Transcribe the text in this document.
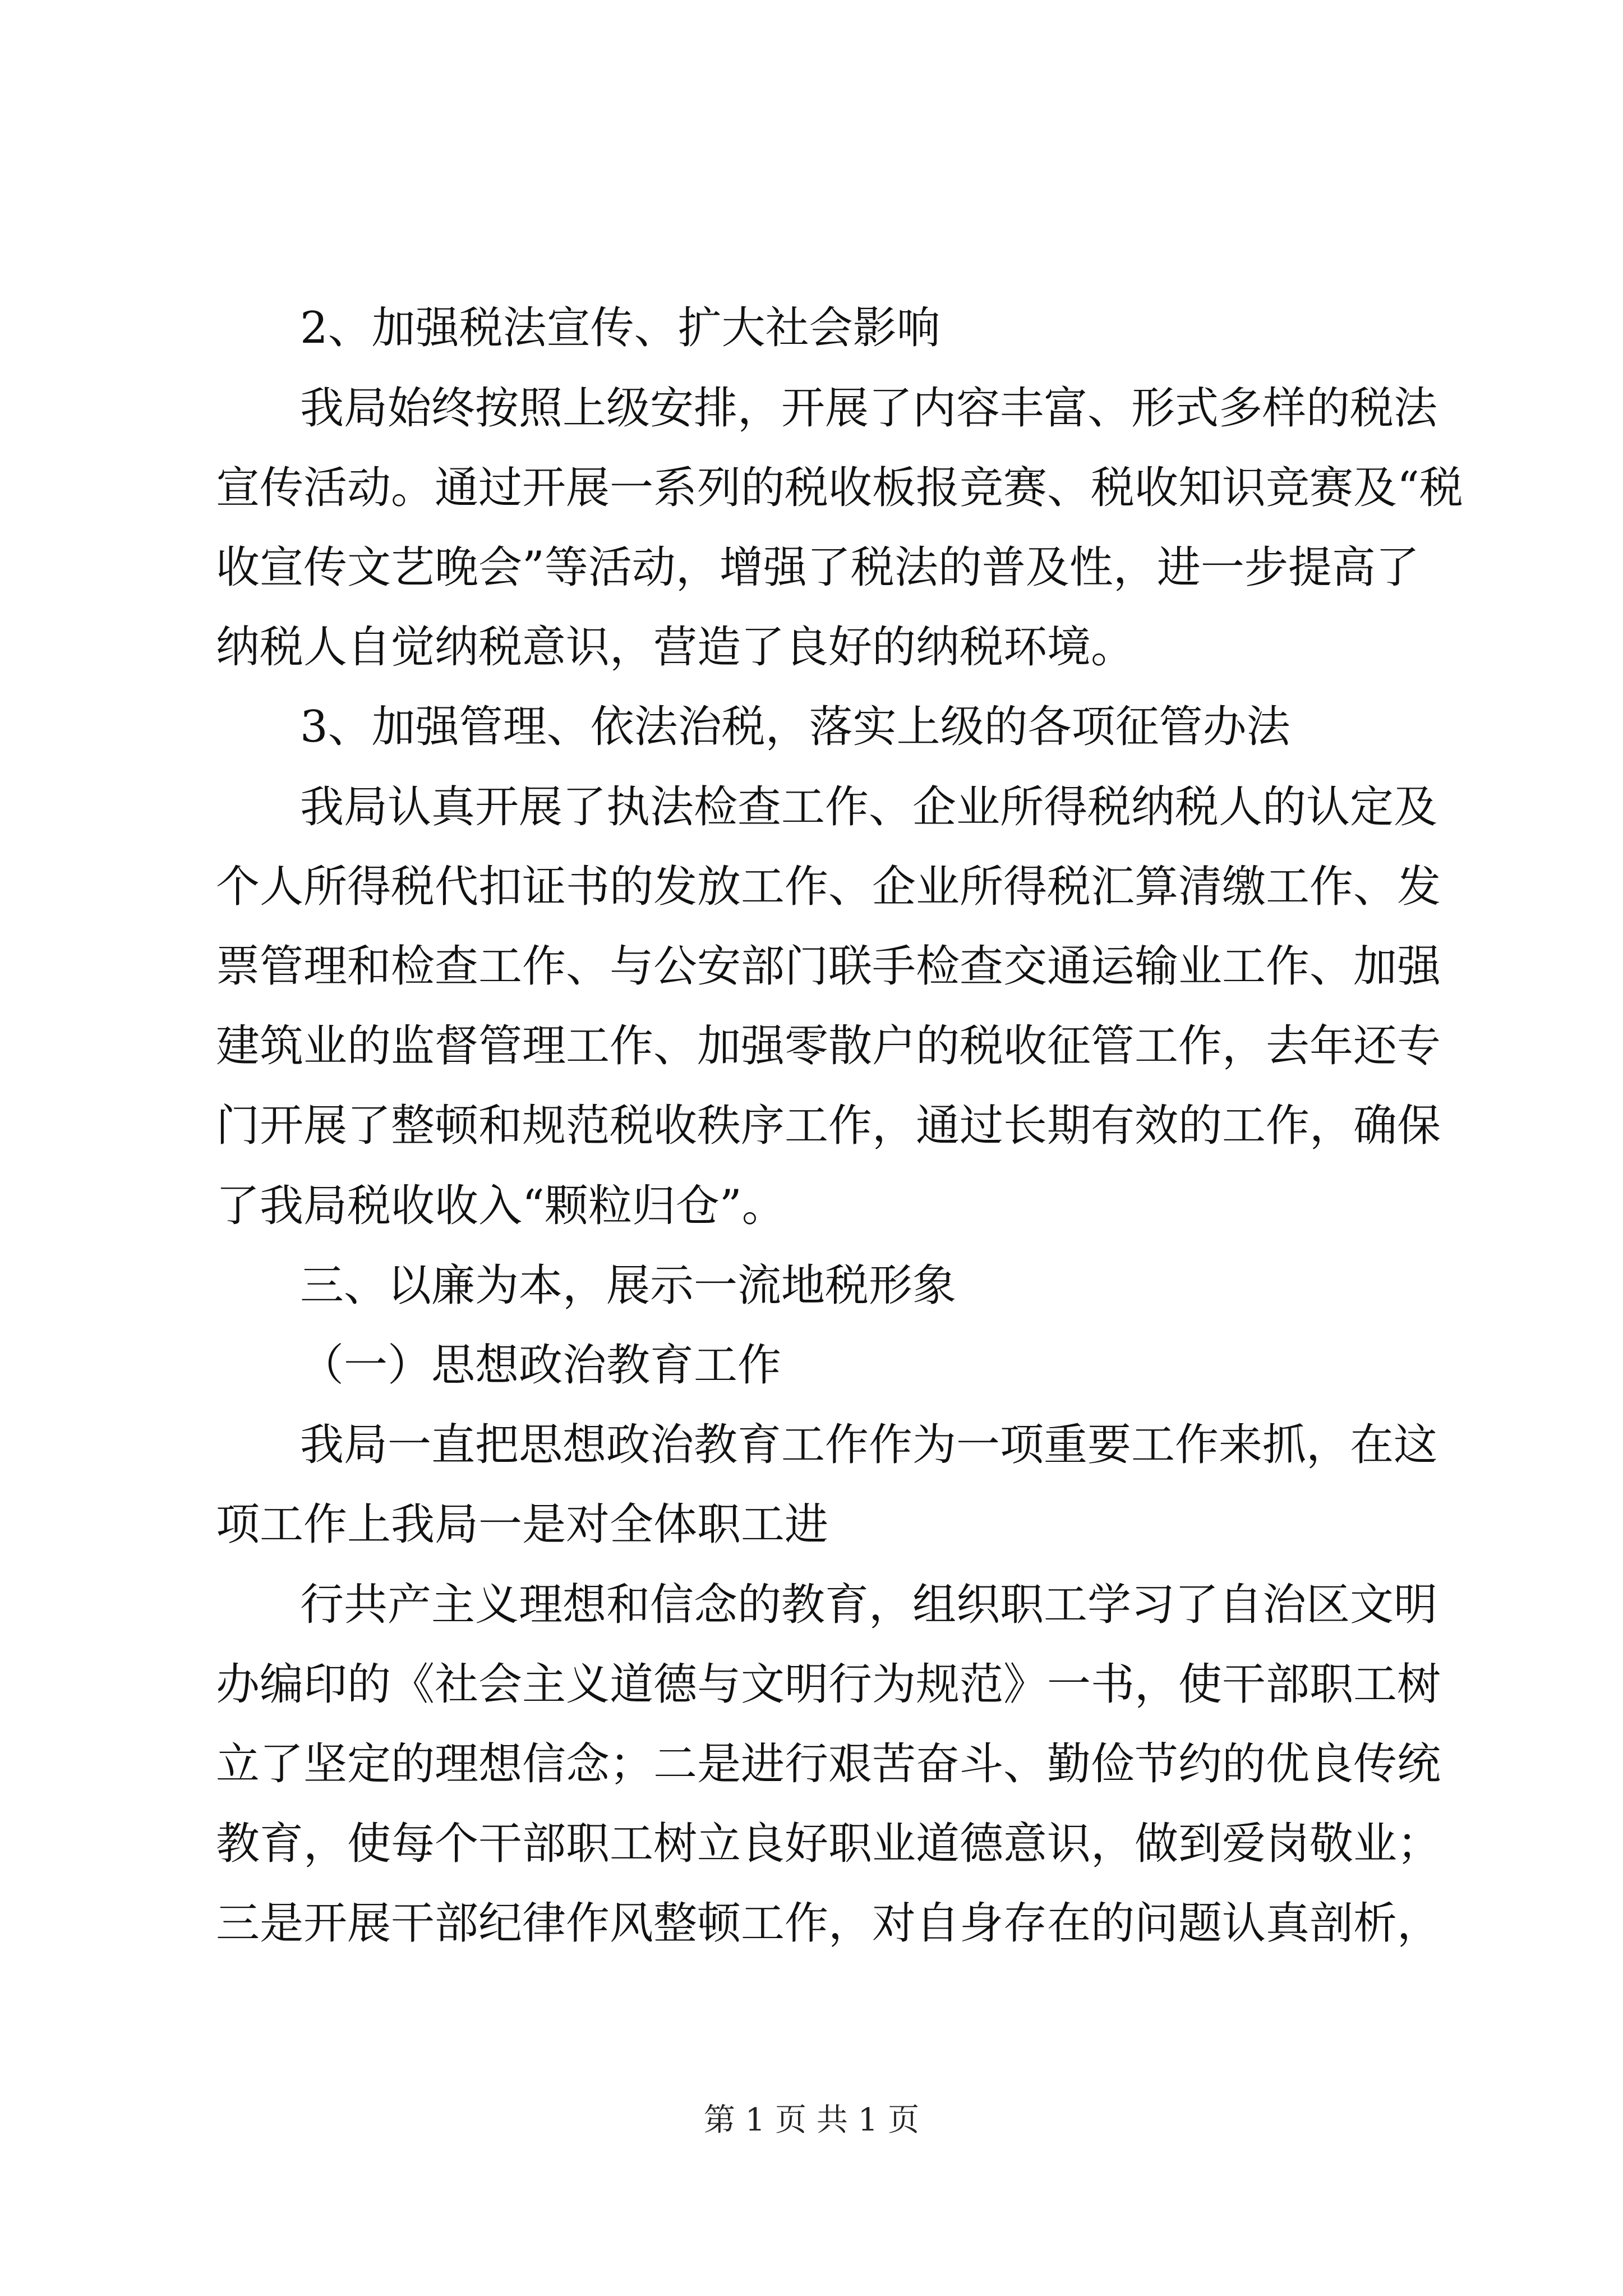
2、加强税法宣传、扩大社会影响
我局始终按照上级安排，开展了内容丰富、形式多样的税法
宣传活动。通过开展一系列的税收板报竞赛、税收知识竞赛及“税
收宣传文艺晚会”等活动，增强了税法的普及性，进一步提高了
纳税人自觉纳税意识，营造了良好的纳税环境。
3、加强管理、依法治税，落实上级的各项征管办法
我局认真开展了执法检查工作、企业所得税纳税人的认定及
个人所得税代扣证书的发放工作、企业所得税汇算清缴工作、发
票管理和检查工作、与公安部门联手检查交通运输业工作、加强
建筑业的监督管理工作、加强零散户的税收征管工作，去年还专
门开展了整顿和规范税收秩序工作，通过长期有效的工作，确保
了我局税收收入“颗粒归仓”。
三、以廉为本，展示一流地税形象
（一）思想政治教育工作
我局一直把思想政治教育工作作为一项重要工作来抓，在这
项工作上我局一是对全体职工进
行共产主义理想和信念的教育，组织职工学习了自治区文明
办编印的《社会主义道德与文明行为规范》一书，使干部职工树
立了坚定的理想信念；二是进行艰苦奋斗、勤俭节约的优良传统
教育，使每个干部职工树立良好职业道德意识，做到爱岗敬业；
三是开展干部纪律作风整顿工作，对自身存在的问题认真剖析，
第 1 页 共 1 页
